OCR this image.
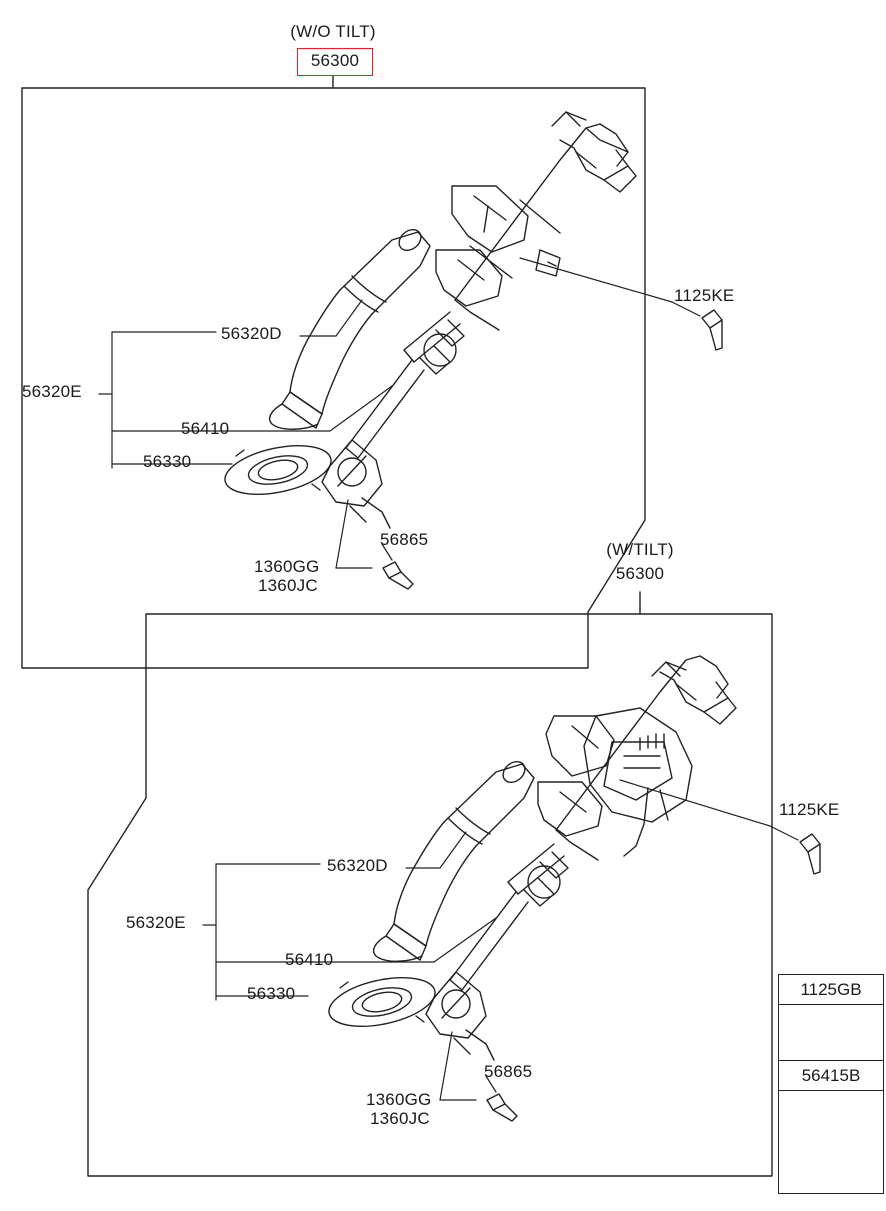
(W/O TILT)
56300
56320D
56320E
56410
56330
1125KE
56865
1360GG
1360JC
(W/TILT)
56300
56320D
56320E
56410
56330
1125KE
56865
1360GG
1360JC
1125GB
56415B
